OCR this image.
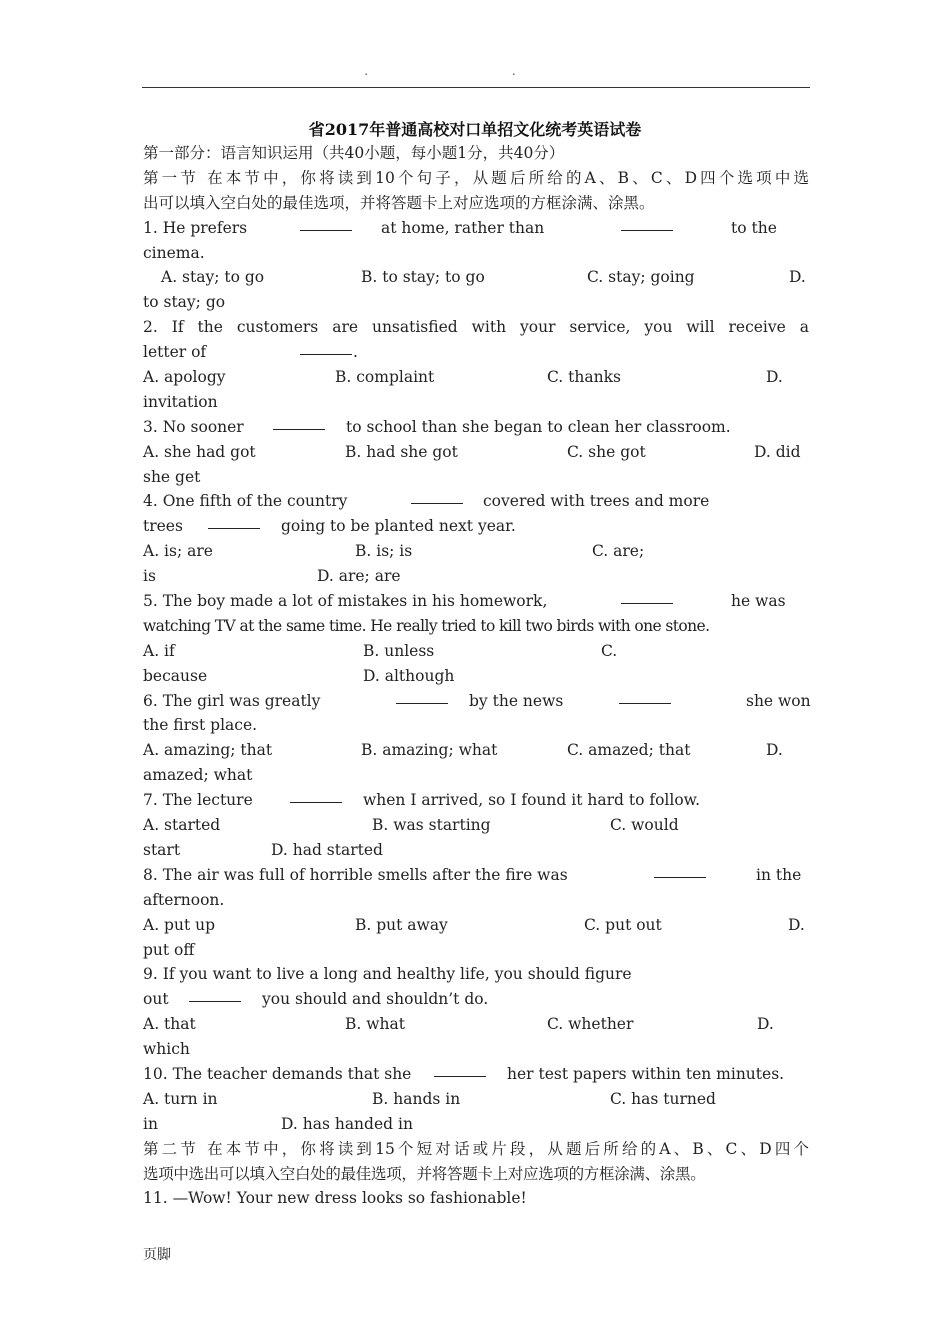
. .
省2017年普通高校对口单招文化统考英语试卷
第一部分：语言知识运用（共40小题，每小题1分，共40分）
第一节 在本节中，你将读到10个句子，从题后所给的A、B、C、D四个选项中选
出可以填入空白处的最佳选项，并将答题卡上对应选项的方框涂满、涂黑。

1. He prefers

	at home, rather than

	to the

cinema.

A. stay; to go

	B. to stay; to go

	C. stay; going

	D.

to stay; go
2. If the customers are unsatisfied with your service, you will receive a

letter of

	.

A. apology

	B. complaint

	C. thanks

	D.

invitation

3. No sooner

	to school than she began to clean her classroom.

A. she had got

	B. had she got

	C. she got

	D. did

she get

4. One fifth of the country

	covered with trees and more

trees

	going to be planted next year.

A. is; are

	B. is; is

	C. are;

is

	D. are; are

5. The boy made a lot of mistakes in his homework,

	he was

watching TV at the same time. He really tried to kill two birds with one stone.

A. if

	B. unless

	C.

because

	D. although

6. The girl was greatly

	by the news

	she won

the first place.

A. amazing; that

	B. amazing; what

	C. amazed; that

	D.

amazed; what

7. The lecture

	when I arrived, so I found it hard to follow.

A. started

	B. was starting

	C. would

start

	D. had started

8. The air was full of horrible smells after the fire was

	in the

afternoon.

A. put up

	B. put away

	C. put out

	D.

put off
9. If you want to live a long and healthy life, you should figure

out

	you should and shouldn’t do.

A. that

	B. what

	C. whether

	D.

which

10. The teacher demands that she

	her test papers within ten minutes.

A. turn in

	B. hands in

	C. has turned

in

	D. has handed in

第二节 在本节中，你将读到15个短对话或片段，从题后所给的A、B、C、D四个
选项中选出可以填入空白处的最佳选项，并将答题卡上对应选项的方框涂满、涂黑。
11. —Wow! Your new dress looks so fashionable!
页脚
